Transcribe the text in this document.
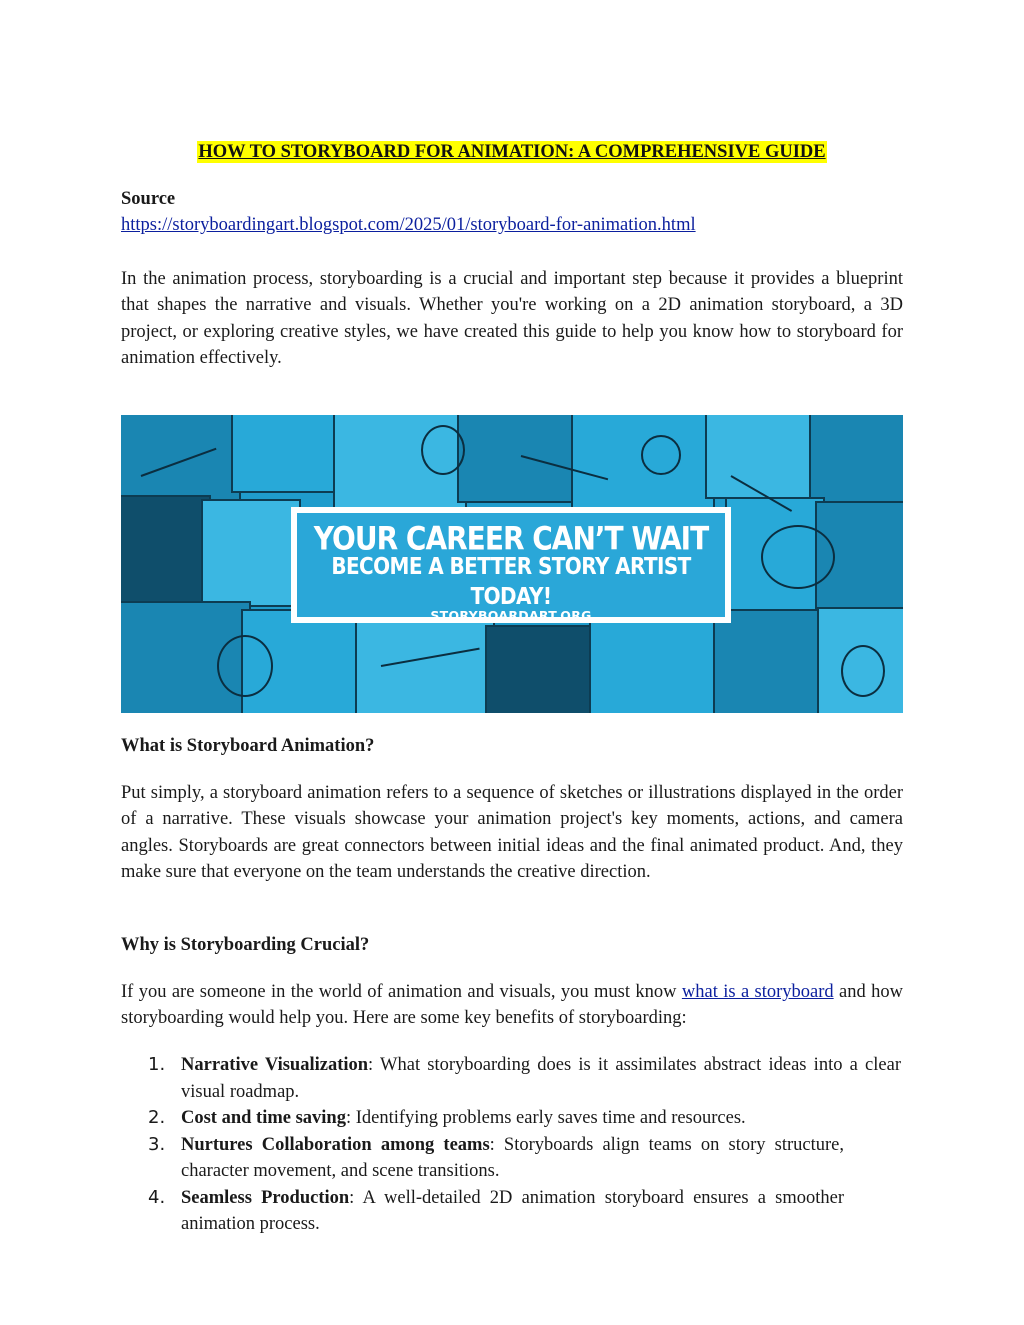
HOW TO STORYBOARD FOR ANIMATION: A COMPREHENSIVE GUIDE
Source
https://storyboardingart.blogspot.com/2025/01/storyboard-for-animation.html

In the animation process, storyboarding is a crucial and important step because it provides a blueprint that shapes the narrative and visuals. Whether you're working on a 2D animation storyboard, a 3D project, or exploring creative styles, we have created this guide to help you know how to storyboard for animation effectively.

YOUR CAREER CAN’T WAIT
BECOME A BETTER STORY ARTIST TODAY!
STORYBOARDART.ORG
What is Storyboard Animation?

Put simply, a storyboard animation refers to a sequence of sketches or illustrations displayed in the order of a narrative. These visuals showcase your animation project's key moments, actions, and camera angles. Storyboards are great connectors between initial ideas and the final animated product. And, they make sure that everyone on the team understands the creative direction.

Why is Storyboarding Crucial?

If you are someone in the world of animation and visuals, you must know what is a storyboard and how storyboarding would help you. Here are some key benefits of storyboarding:

1. Narrative Visualization: What storyboarding does is it assimilates abstract ideas into a clear visual roadmap.
2. Cost and time saving: Identifying problems early saves time and resources.
3. Nurtures Collaboration among teams: Storyboards align teams on story structure, character movement, and scene transitions.
4. Seamless Production: A well-detailed 2D animation storyboard ensures a smoother animation process.
